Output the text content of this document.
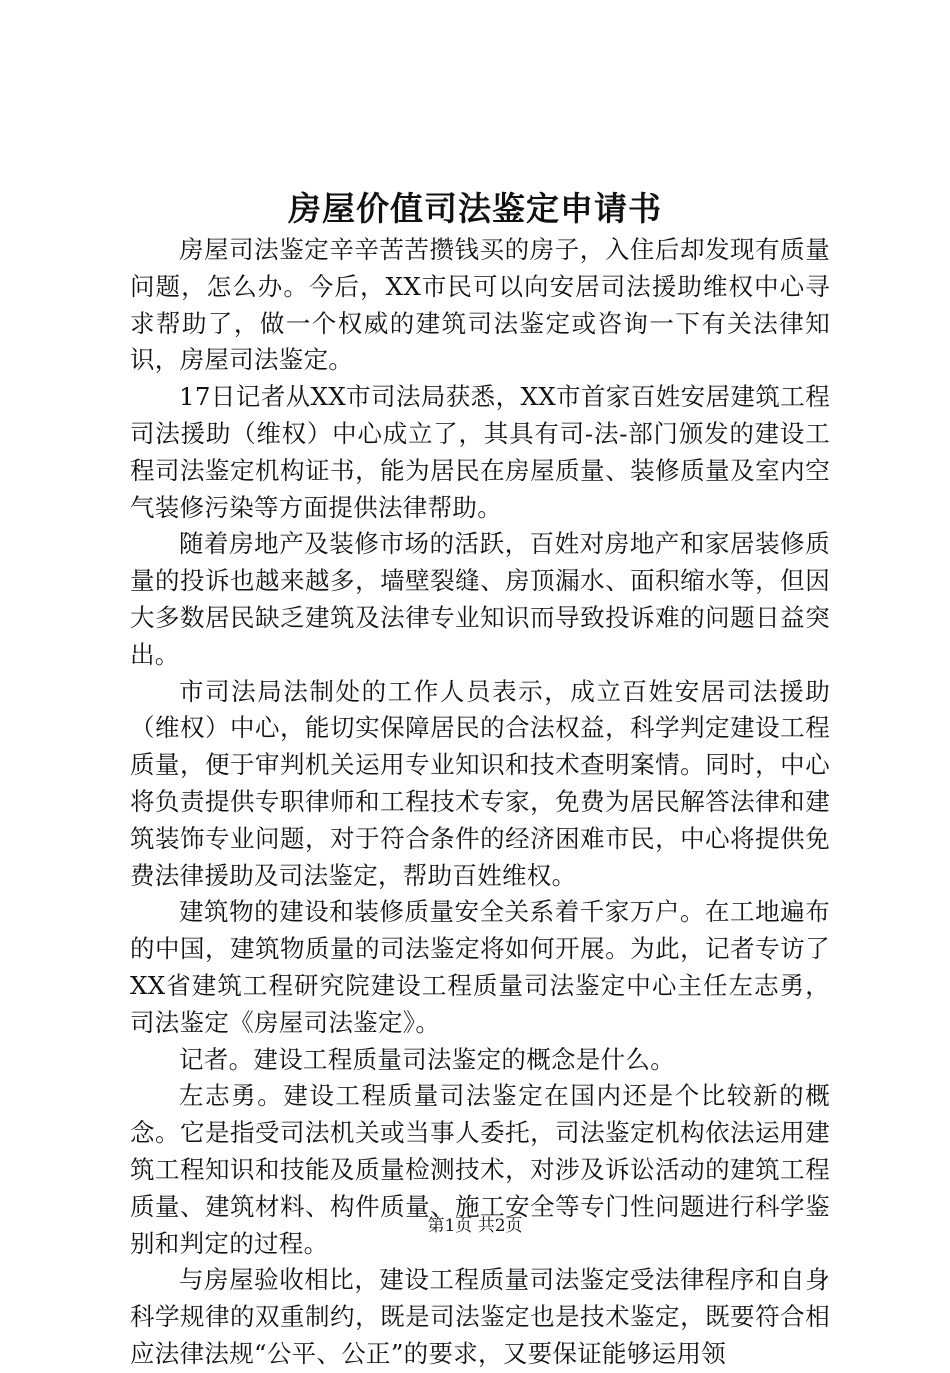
房屋价值司法鉴定申请书

房屋司法鉴定辛辛苦苦攒钱买的房子，入住后却发现有质量问题，怎么办。今后，XX市民可以向安居司法援助维权中心寻求帮助了，做一个权威的建筑司法鉴定或咨询一下有关法律知识，房屋司法鉴定。

17日记者从XX市司法局获悉，XX市首家百姓安居建筑工程司法援助（维权）中心成立了，其具有司-法-部门颁发的建设工程司法鉴定机构证书，能为居民在房屋质量、装修质量及室内空气装修污染等方面提供法律帮助。

随着房地产及装修市场的活跃，百姓对房地产和家居装修质量的投诉也越来越多，墙壁裂缝、房顶漏水、面积缩水等，但因大多数居民缺乏建筑及法律专业知识而导致投诉难的问题日益突出。

市司法局法制处的工作人员表示，成立百姓安居司法援助（维权）中心，能切实保障居民的合法权益，科学判定建设工程质量，便于审判机关运用专业知识和技术查明案情。同时，中心将负责提供专职律师和工程技术专家，免费为居民解答法律和建筑装饰专业问题，对于符合条件的经济困难市民，中心将提供免费法律援助及司法鉴定，帮助百姓维权。

建筑物的建设和装修质量安全关系着千家万户。在工地遍布的中国，建筑物质量的司法鉴定将如何开展。为此，记者专访了XX省建筑工程研究院建设工程质量司法鉴定中心主任左志勇，司法鉴定《房屋司法鉴定》。

记者。建设工程质量司法鉴定的概念是什么。

左志勇。建设工程质量司法鉴定在国内还是个比较新的概念。它是指受司法机关或当事人委托，司法鉴定机构依法运用建筑工程知识和技能及质量检测技术，对涉及诉讼活动的建筑工程质量、建筑材料、构件质量、施工安全等专门性问题进行科学鉴别和判定的过程。

与房屋验收相比，建设工程质量司法鉴定受法律程序和自身科学规律的双重制约，既是司法鉴定也是技术鉴定，既要符合相应法律法规“公平、公正”的要求，又要保证能够运用领

第1页 共2页
